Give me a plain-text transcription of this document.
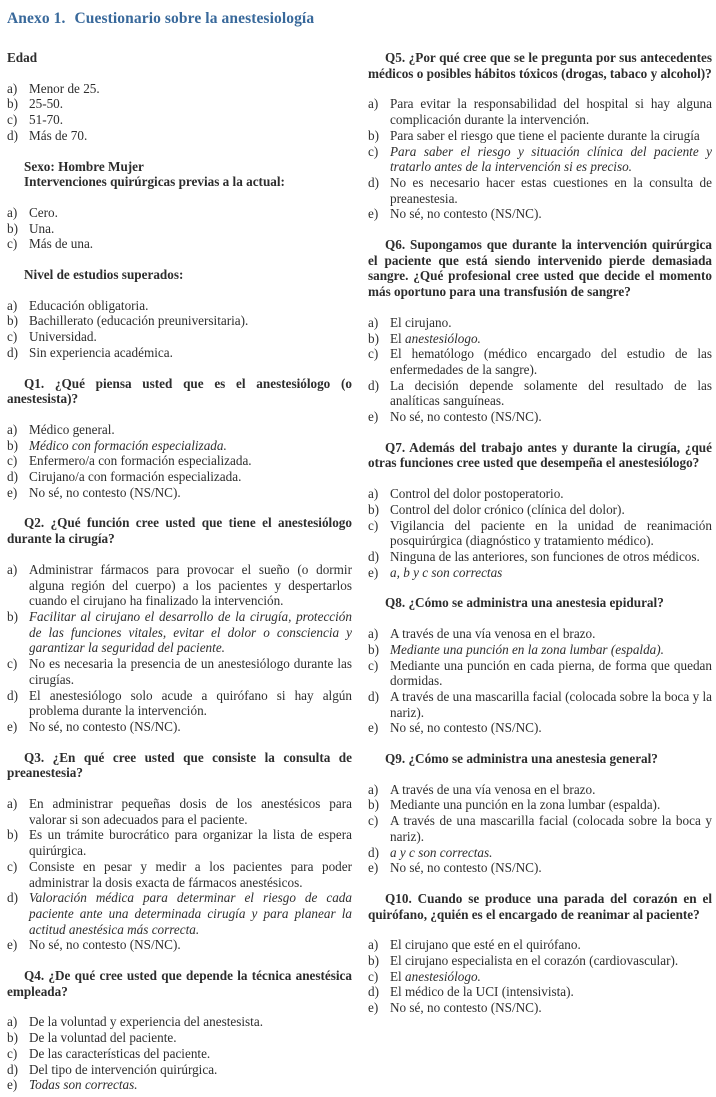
Anexo 1. Cuestionario sobre la anestesiología

Edad

a) Menor de 25.
b) 25-50.
c) 51-70.
d) Más de 70.

Sexo: Hombre Mujer

Intervenciones quirúrgicas previas a la actual:

a) Cero.
b) Una.
c) Más de una.

Nivel de estudios superados:

a) Educación obligatoria.
b) Bachillerato (educación preuniversitaria).
c) Universidad.
d) Sin experiencia académica.

Q1. ¿Qué piensa usted que es el anestesiólogo (o anestesista)?

a) Médico general.
b) Médico con formación especializada.
c) Enfermero/a con formación especializada.
d) Cirujano/a con formación especializada.
e) No sé, no contesto (NS/NC).

Q2. ¿Qué función cree usted que tiene el anestesiólogo durante la cirugía?

a) Administrar fármacos para provocar el sueño (o dormir alguna región del cuerpo) a los pacientes y despertarlos cuando el cirujano ha finalizado la intervención.
b) Facilitar al cirujano el desarrollo de la cirugía, protección de las funciones vitales, evitar el dolor o consciencia y garantizar la seguridad del paciente.
c) No es necesaria la presencia de un anestesiólogo durante las cirugías.
d) El anestesiólogo solo acude a quirófano si hay algún problema durante la intervención.
e) No sé, no contesto (NS/NC).

Q3. ¿En qué cree usted que consiste la consulta de preanestesia?

a) En administrar pequeñas dosis de los anestésicos para valorar si son adecuados para el paciente.
b) Es un trámite burocrático para organizar la lista de espera quirúrgica.
c) Consiste en pesar y medir a los pacientes para poder administrar la dosis exacta de fármacos anestésicos.
d) Valoración médica para determinar el riesgo de cada paciente ante una determinada cirugía y para planear la actitud anestésica más correcta.
e) No sé, no contesto (NS/NC).

Q4. ¿De qué cree usted que depende la técnica anestésica empleada?

a) De la voluntad y experiencia del anestesista.
b) De la voluntad del paciente.
c) De las características del paciente.
d) Del tipo de intervención quirúrgica.
e) Todas son correctas.

Q5. ¿Por qué cree que se le pregunta por sus antecedentes médicos o posibles hábitos tóxicos (drogas, tabaco y alcohol)?

a) Para evitar la responsabilidad del hospital si hay alguna complicación durante la intervención.
b) Para saber el riesgo que tiene el paciente durante la cirugía
c) Para saber el riesgo y situación clínica del paciente y tratarlo antes de la intervención si es preciso.
d) No es necesario hacer estas cuestiones en la consulta de preanestesia.
e) No sé, no contesto (NS/NC).

Q6. Supongamos que durante la intervención quirúrgica el paciente que está siendo intervenido pierde demasiada sangre. ¿Qué profesional cree usted que decide el momento más oportuno para una transfusión de sangre?

a) El cirujano.
b) El anestesiólogo.
c) El hematólogo (médico encargado del estudio de las enfermedades de la sangre).
d) La decisión depende solamente del resultado de las analíticas sanguíneas.
e) No sé, no contesto (NS/NC).

Q7. Además del trabajo antes y durante la cirugía, ¿qué otras funciones cree usted que desempeña el anestesiólogo?

a) Control del dolor postoperatorio.
b) Control del dolor crónico (clínica del dolor).
c) Vigilancia del paciente en la unidad de reanimación posquirúrgica (diagnóstico y tratamiento médico).
d) Ninguna de las anteriores, son funciones de otros médicos.
e) a, b y c son correctas

Q8. ¿Cómo se administra una anestesia epidural?

a) A través de una vía venosa en el brazo.
b) Mediante una punción en la zona lumbar (espalda).
c) Mediante una punción en cada pierna, de forma que quedan dormidas.
d) A través de una mascarilla facial (colocada sobre la boca y la nariz).
e) No sé, no contesto (NS/NC).

Q9. ¿Cómo se administra una anestesia general?

a) A través de una vía venosa en el brazo.
b) Mediante una punción en la zona lumbar (espalda).
c) A través de una mascarilla facial (colocada sobre la boca y nariz).
d) a y c son correctas.
e) No sé, no contesto (NS/NC).

Q10. Cuando se produce una parada del corazón en el quirófano, ¿quién es el encargado de reanimar al paciente?

a) El cirujano que esté en el quirófano.
b) El cirujano especialista en el corazón (cardiovascular).
c) El anestesiólogo.
d) El médico de la UCI (intensivista).
e) No sé, no contesto (NS/NC).
